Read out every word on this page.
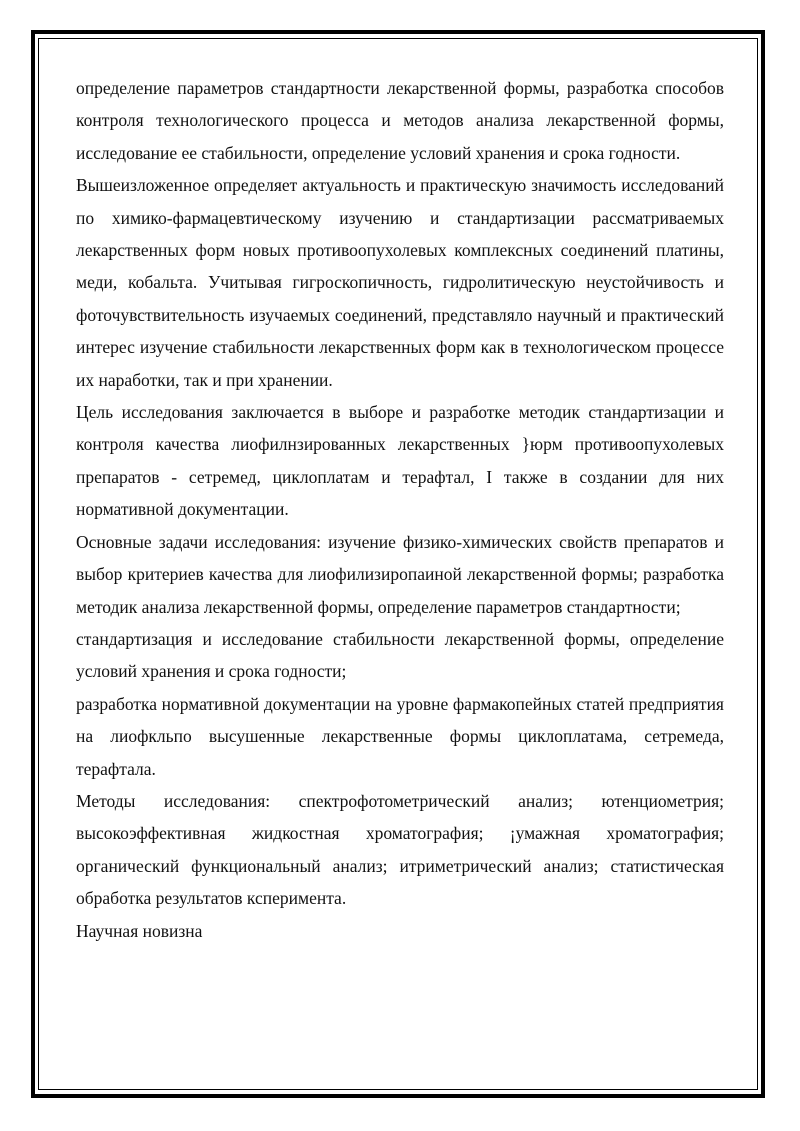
определение параметров стандартности лекарственной формы, разработка способов контроля технологического процесса и методов анализа лекарственной формы, исследование ее стабильности, определение условий хранения и срока годности.

Вышеизложенное определяет актуальность и практическую значимость исследований по химико-фармацевтическому изучению и стандартизации рассматриваемых лекарственных форм новых противоопухолевых комплексных соединений платины, меди, кобальта. Учитывая гигроскопичность, гидролитическую неустойчивость и фоточувствительность изучаемых соединений, представляло научный и практический интерес изучение стабильности лекарственных форм как в технологическом процессе их наработки, так и при хранении.

Цель исследования заключается в выборе и разработке методик стандартизации и контроля качества лиофилнзированных лекарственных }юрм противоопухолевых препаратов - сетремед, циклоплатам и терафтал, I также в создании для них нормативной документации.

Основные задачи исследования: изучение физико-химических свойств препаратов и выбор критериев качества для лиофилизиропаиной лекарственной формы; разработка методик анализа лекарственной формы, определение параметров стандартности;

стандартизация и исследование стабильности лекарственной формы, определение условий хранения и срока годности;

разработка нормативной документации на уровне фармакопейных статей предприятия на лиофкльпо высушенные лекарственные формы циклоплатама, сетремеда, терафтала.

Методы исследования: спектрофотометрический анализ; ютенциометрия; высокоэффективная жидкостная хроматография; ¡умажная хроматография; органический функциональный анализ; итриметрический анализ; статистическая обработка результатов ксперимента.

Научная новизна
